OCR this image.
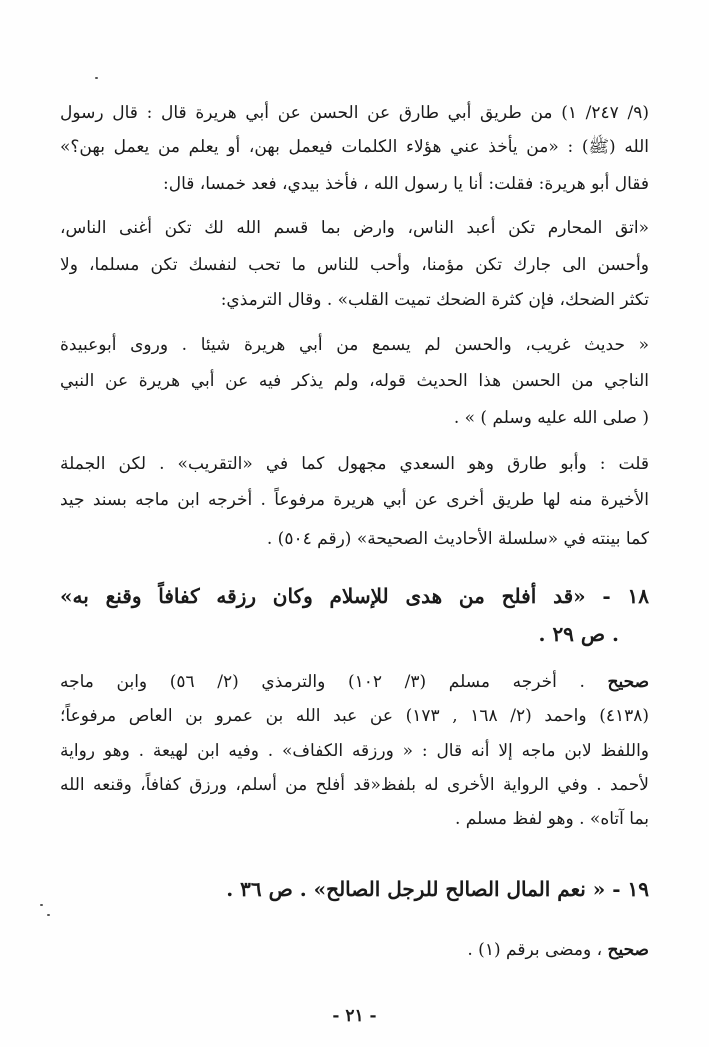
(٩/ ٢٤٧/ ١) من طريق أبي طارق عن الحسن عن أبي هريرة قال : قال رسول
الله (ﷺ) : «من يأخذ عني هؤلاء الكلمات فيعمل بهن، أو يعلم من يعمل بهن؟»
فقال أبو هريرة: فقلت: أنا يا رسول الله ، فأخذ بيدي، فعد خمسا، قال:
«اتق المحارم تكن أعبد الناس، وارض بما قسم الله لك تكن أغنى الناس،
وأحسن الى جارك تكن مؤمنا، وأحب للناس ما تحب لنفسك تكن مسلما، ولا
تكثر الضحك، فإن كثرة الضحك تميت القلب» . وقال الترمذي:
« حديث غريب، والحسن لم يسمع من أبي هريرة شيئا . وروى أبوعبيدة
الناجي من الحسن هذا الحديث قوله، ولم يذكر فيه عن أبي هريرة عن النبي
( صلى الله عليه وسلم ) » .
قلت : وأبو طارق وهو السعدي مجهول كما في «التقريب» . لكن الجملة
الأخيرة منه لها طريق أخرى عن أبي هريرة مرفوعاً . أخرجه ابن ماجه بسند جيد
كما بينته في «سلسلة الأحاديث الصحيحة» (رقم ٥٠٤) .
١٨ - «قد أفلح من هدى للإسلام وكان رزقه كفافاً وقنع به»
. ص ٢٩ .
صحيح . أخرجه مسلم (٣/ ١٠٢) والترمذي (٢/ ٥٦) وابن ماجه
(٤١٣٨) واحمد (٢/ ١٦٨ , ١٧٣) عن عبد الله بن عمرو بن العاص مرفوعاً؛
واللفظ لابن ماجه إلا أنه قال : « ورزقه الكفاف» . وفيه ابن لهيعة . وهو رواية
لأحمد . وفي الرواية الأخرى له بلفظ«قد أفلح من أسلم، ورزق كفافاً، وقنعه الله
بما آتاه» . وهو لفظ مسلم .
١٩ - « نعم المال الصالح للرجل الصالح» . ص ٣٦ .
صحيح ، ومضى برقم (١) .
- ٢١ -
